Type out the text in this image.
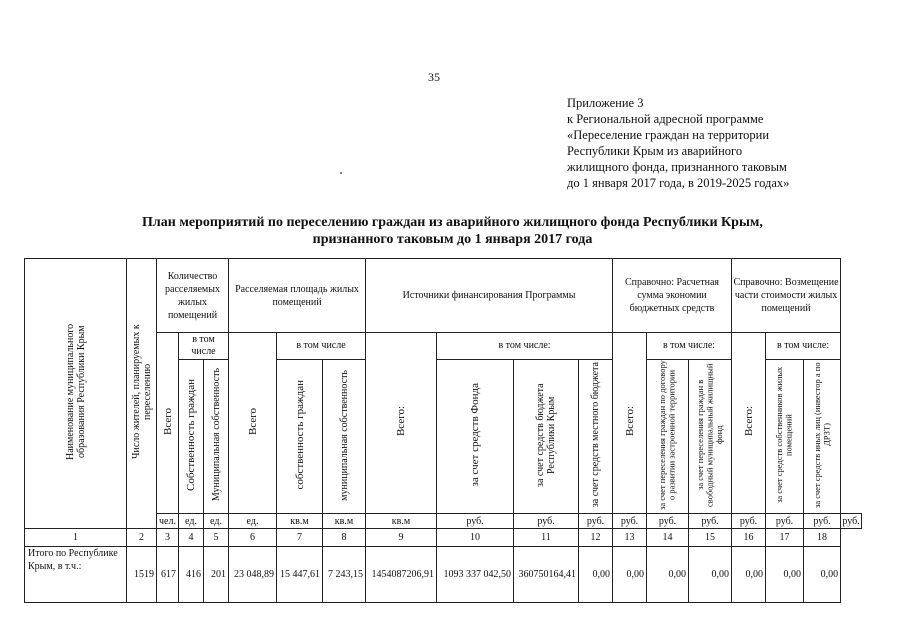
35
Приложение 3
к Региональной адресной программе
«Переселение граждан на территории
Республики Крым из аварийного
жилищного фонда, признанного таковым
до 1 января 2017 года, в 2019-2025 годах»
План мероприятий по переселению граждан из аварийного жилищного фонда Республики Крым,
признанного таковым до 1 января 2017 года
Наименование муниципального образования Республики Крым	Число жителей, планируемых к переселению	Количество расселяемых жилых помещений			Расселяемая площадь жилых помещений			Источники финансирования Программы				Справочно: Расчетная сумма экономии бюджетных средств			Справочно: Возмещение части стоимости жилых помещений			
		Всего	в том числе		Всего	в том числе		Всего:	в том числе:			Всего:	в том числе:		Всего:	в том числе:		
			Собственность граждан	Муниципальная собственность		собственность граждан	муниципальная собственность		за счет средств Фонда	за счет средств бюджета Республики Крым	за счет средств местного бюджета		за счет переселения граждан по договору о развитии застроенной территории	за счет переселения граждан в свободный муниципальный жилищный фонд		за счет средств собственников жилых помещений	за счет средств иных лиц (инвестор а по ДРЗТ)	
		чел.	ед.	ед.	ед.	кв.м	кв.м	кв.м	руб.	руб.	руб.	руб.	руб.	руб.	руб.	руб.	руб.	руб.
1	2	3	4	5	6	7	8	9	10	11	12	13	14	15	16	17	18	
Итого по Республике Крым, в т.ч.:	1519	617	416	201	23 048,89	15 447,61	7 243,15	1454087206,91	1093 337 042,50	360750164,41	0,00	0,00	0,00	0,00	0,00	0,00	0,00	
